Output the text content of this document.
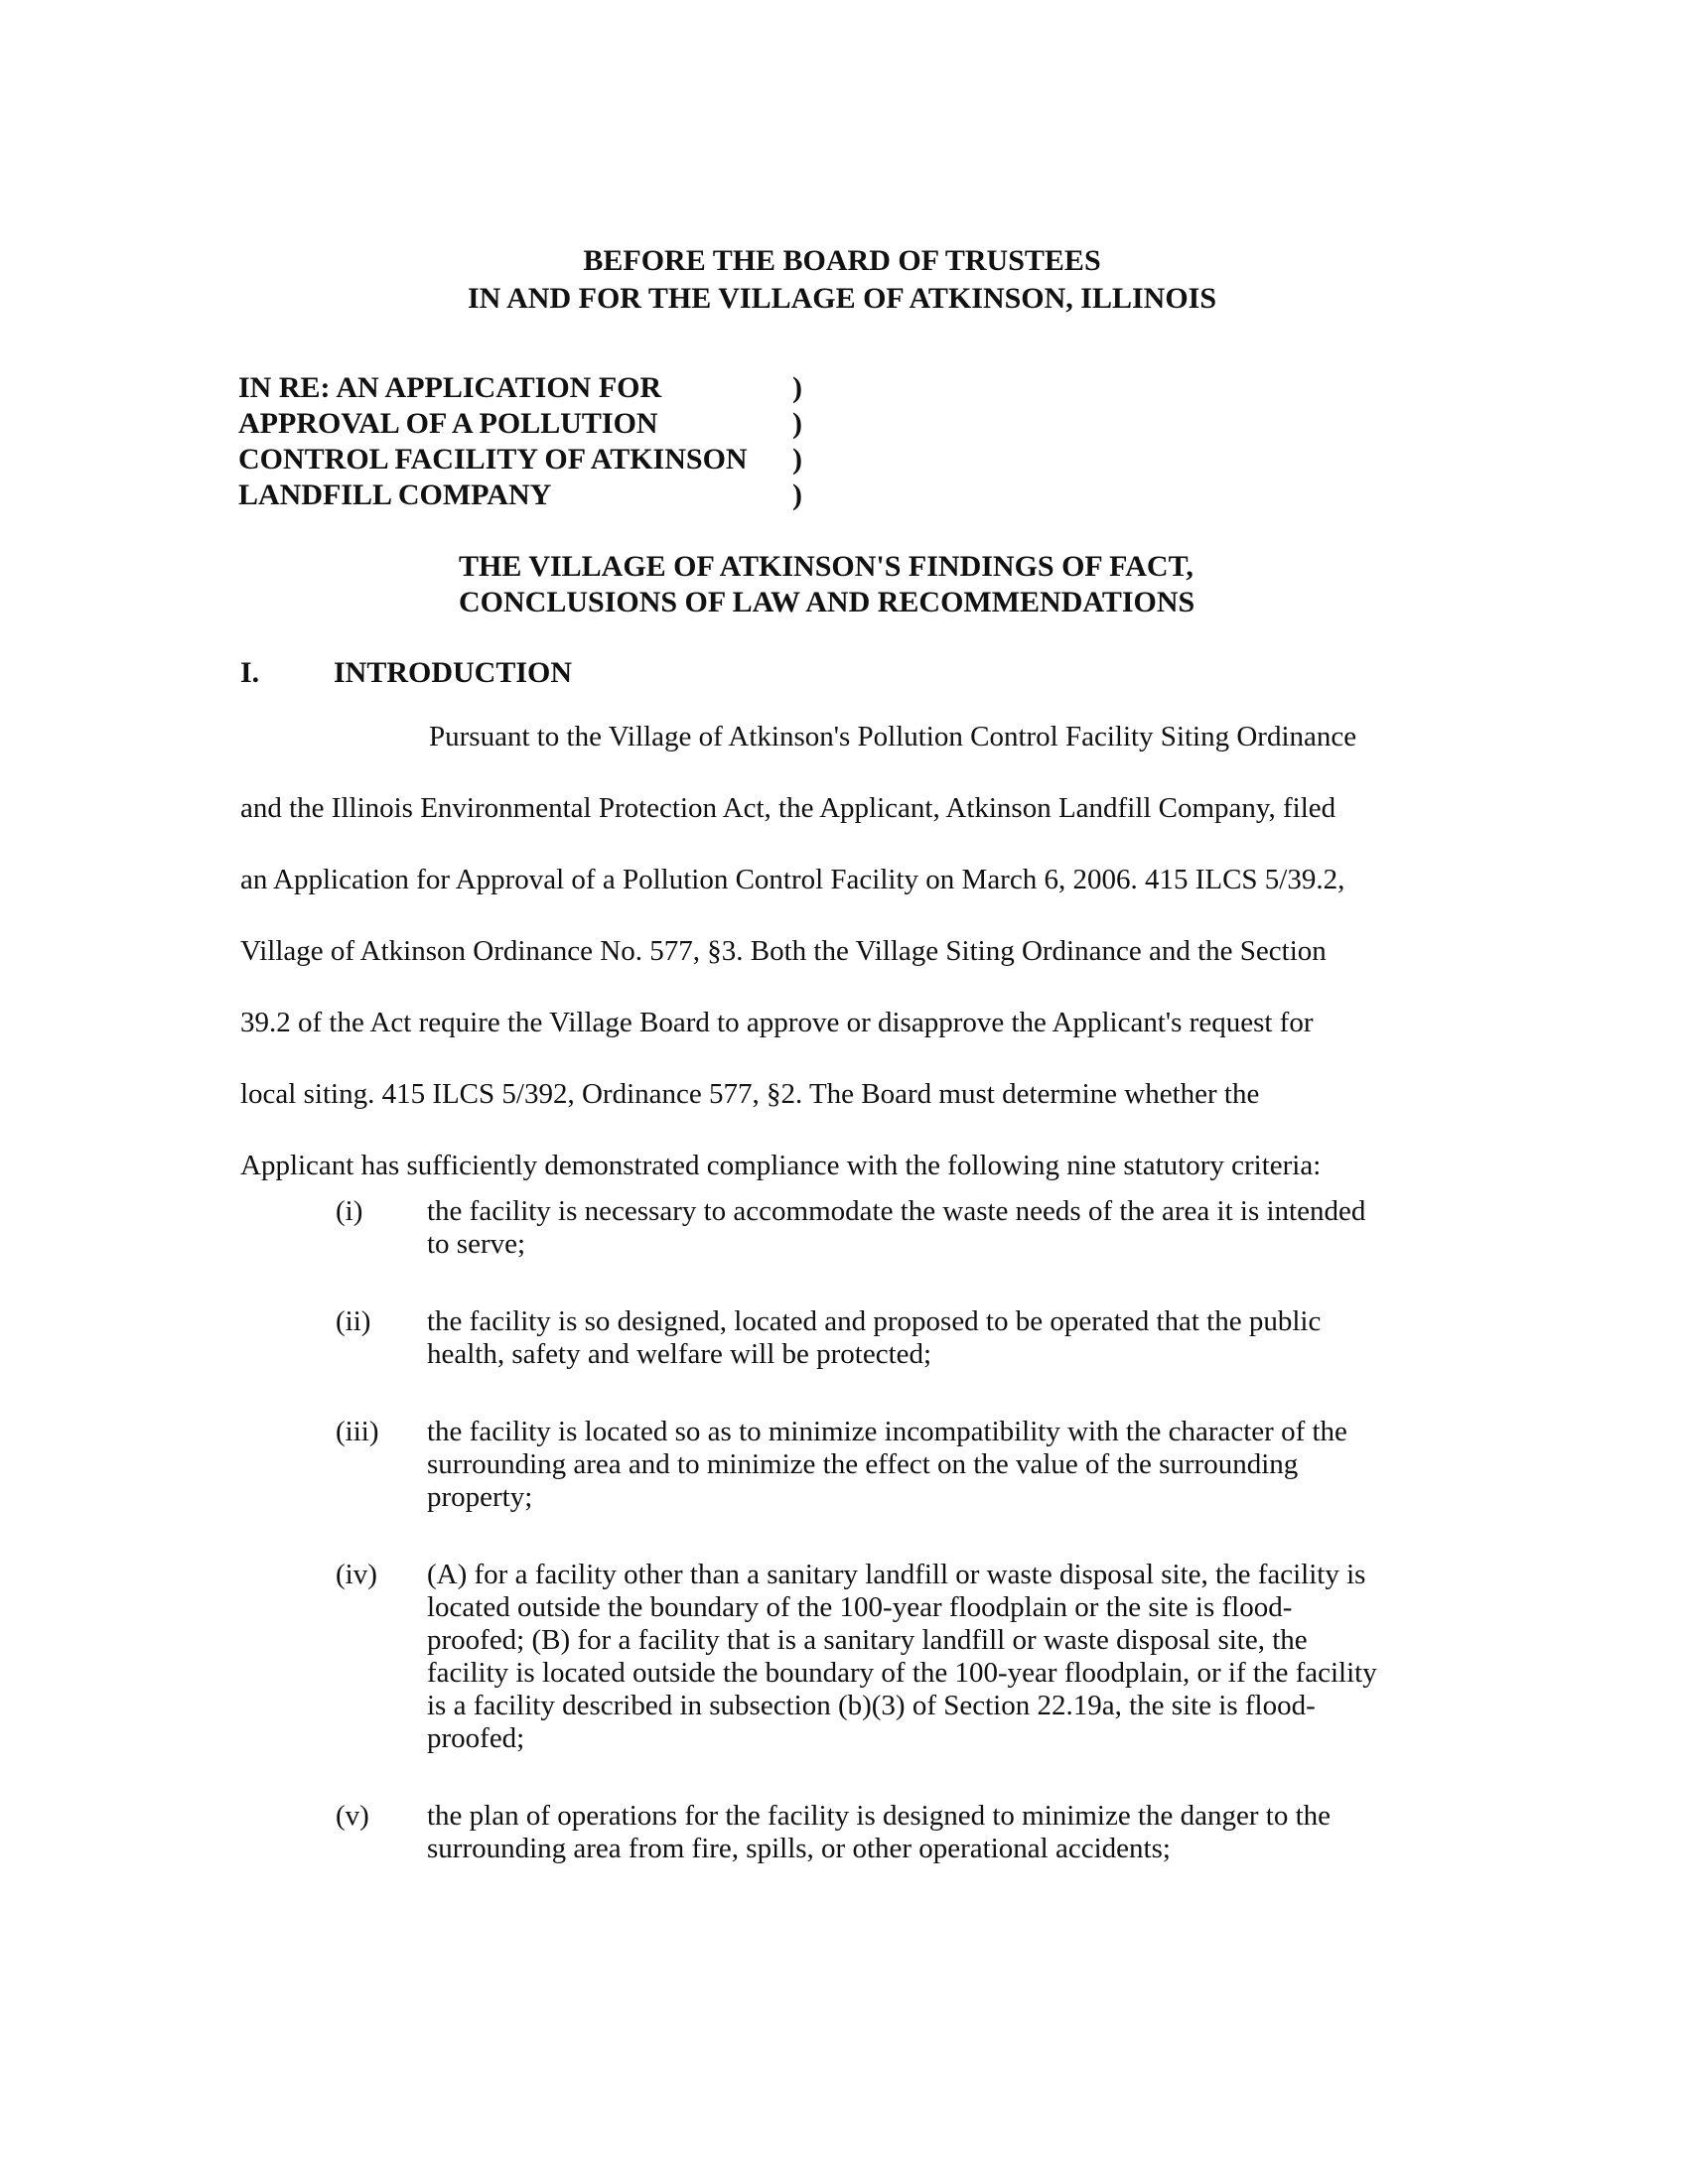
BEFORE THE BOARD OF TRUSTEES
IN AND FOR THE VILLAGE OF ATKINSON, ILLINOIS
IN RE: AN APPLICATION FOR	)
APPROVAL OF A POLLUTION	)
CONTROL FACILITY OF ATKINSON	)
LANDFILL COMPANY	)
THE VILLAGE OF ATKINSON'S FINDINGS OF FACT,
CONCLUSIONS OF LAW AND RECOMMENDATIONS
I.	INTRODUCTION
Pursuant to the Village of Atkinson's Pollution Control Facility Siting Ordinance
and the Illinois Environmental Protection Act, the Applicant, Atkinson Landfill Company, filed
an Application for Approval of a Pollution Control Facility on March 6, 2006. 415 ILCS 5/39.2,
Village of Atkinson Ordinance No. 577, §3. Both the Village Siting Ordinance and the Section
39.2 of the Act require the Village Board to approve or disapprove the Applicant's request for
local siting. 415 ILCS 5/392, Ordinance 577, §2. The Board must determine whether the
Applicant has sufficiently demonstrated compliance with the following nine statutory criteria:
(i)	the facility is necessary to accommodate the waste needs of the area it is intended
to serve;
(ii)	the facility is so designed, located and proposed to be operated that the public
health, safety and welfare will be protected;
(iii)	the facility is located so as to minimize incompatibility with the character of the
surrounding area and to minimize the effect on the value of the surrounding
property;
(iv)	(A) for a facility other than a sanitary landfill or waste disposal site, the facility is
located outside the boundary of the 100-year floodplain or the site is flood-
proofed; (B) for a facility that is a sanitary landfill or waste disposal site, the
facility is located outside the boundary of the 100-year floodplain, or if the facility
is a facility described in subsection (b)(3) of Section 22.19a, the site is flood-
proofed;
(v)	the plan of operations for the facility is designed to minimize the danger to the
surrounding area from fire, spills, or other operational accidents;
